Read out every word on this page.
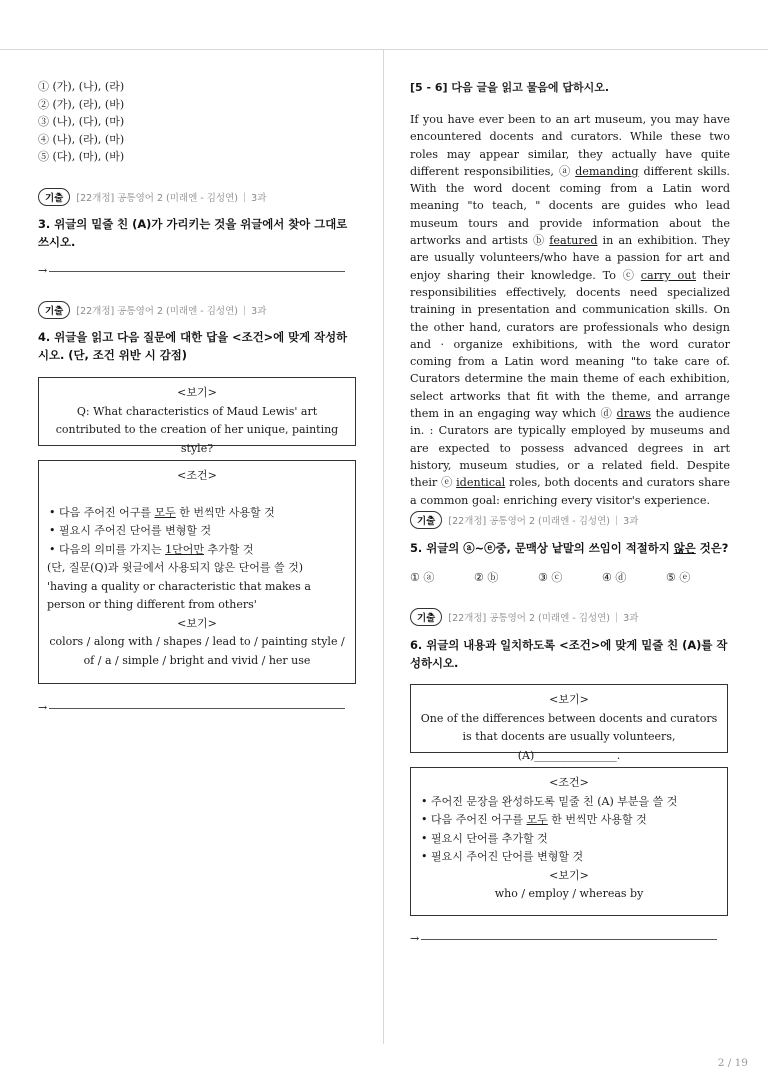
① (가), (나), (라)
② (가), (라), (바)
③ (나), (다), (마)
④ (나), (라), (마)
⑤ (다), (마), (바)
기출	[22개정] 공통영어 2 (미래엔 - 김성연) | 3과
3. 위글의 밑줄 친 (A)가 가리키는 것을 위글에서 찾아 그대로 쓰시오.
→
기출	[22개정] 공통영어 2 (미래엔 - 김성연) | 3과
4. 위글을 읽고 다음 질문에 대한 답을 <조건>에 맞게 작성하시오. (단, 조건 위반 시 감점)
<보기>
Q: What characteristics of Maud Lewis' art contributed to the creation of her unique, painting style?
<조건>
• 다음 주어진 어구를 모두 한 번씩만 사용할 것
• 필요시 주어진 단어를 변형할 것
• 다음의 의미를 가지는 1단어만 추가할 것
(단, 질문(Q)과 윗글에서 사용되지 않은 단어를 쓸 것)
'having a quality or characteristic that makes a person or thing different from others'
<보기>
colors / along with / shapes / lead to / painting style / of / a / simple / bright and vivid / her use
→
[5 - 6] 다음 글을 읽고 물음에 답하시오.
If you have ever been to an art museum, you may have encountered docents and curators. While these two roles may appear similar, they actually have quite different responsibilities, ⓐ demanding different skills. With the word docent coming from a Latin word meaning "to teach, " docents are guides who lead museum tours and provide information about the artworks and artists ⓑ featured in an exhibition. They are usually volunteers/who have a passion for art and enjoy sharing their knowledge. To ⓒ carry out their responsibilities effectively, docents need specialized training in presentation and communication skills. On the other hand, curators are professionals who design and · organize exhibitions, with the word curator coming from a Latin word meaning "to take care of. Curators determine the main theme of each exhibition, select artworks that fit with the theme, and arrange them in an engaging way which ⓓ draws the audience in. : Curators are typically employed by museums and are expected to possess advanced degrees in art history, museum studies, or a related field. Despite their ⓔ identical roles, both docents and curators share a common goal: enriching every visitor's experience.
기출	[22개정] 공통영어 2 (미래엔 - 김성연) | 3과
5. 위글의 ⓐ~ⓔ중, 문맥상 낱말의 쓰임이 적절하지 않은 것은?
① ⓐ	② ⓑ	③ ⓒ	④ ⓓ	⑤ ⓔ
기출	[22개정] 공통영어 2 (미래엔 - 김성연) | 3과
6. 위글의 내용과 일치하도록 <조건>에 맞게 밑줄 친 (A)를 작성하시오.
<보기>
One of the differences between docents and curators is that docents are usually volunteers, (A)_______________.
<조건>
• 주어진 문장을 완성하도록 밑줄 친 (A) 부분을 쓸 것
• 다음 주어진 어구를 모두 한 번씩만 사용할 것
• 필요시 단어를 추가할 것
• 필요시 주어진 단어를 변형할 것
<보기>
who / employ / whereas by
→
2 / 19
